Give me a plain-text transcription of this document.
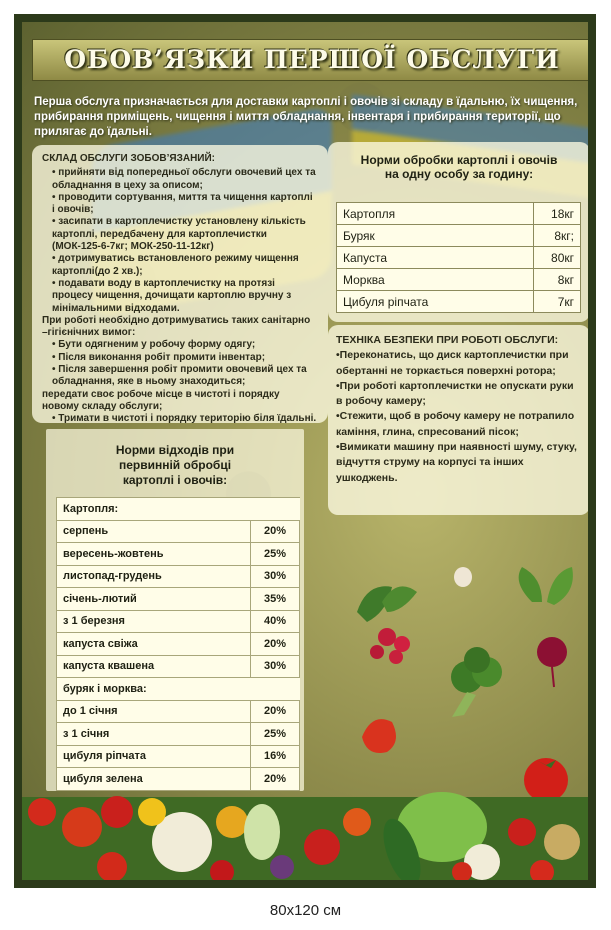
ОБОВ’ЯЗКИ ПЕРШОЇ ОБСЛУГИ
Перша обслуга призначається для доставки картоплі і овочів зі складу в їдальню, їх чищення, прибирання приміщень, чищення і миття обладнання, інвентаря і прибирання території, що прилягає до їдальні.
СКЛАД ОБСЛУГИ ЗОБОВ’ЯЗАНИЙ:
• прийняти від попередньої обслуги овочевий цех та обладнання в цеху за описом;
• проводити сортування, миття та чищення картоплі і овочів;
• засипати в картоплечистку установлену кількість картоплі, передбачену для картоплечистки (МОК-125-6-7кг; МОК-250-11-12кг)
• дотримуватись встановленого режиму чищення картоплі(до 2 хв.);
• подавати воду в картоплечистку на протязі процесу чищення, дочищати картоплю вручну з мінімальними відходами.
При роботі необхідно дотримуватись таких санітарно –гігієнічних вимог:
• Бути одягненим у робочу форму одягу;
• Після виконання робіт промити інвентар;
• Після завершення робіт промити овочевий цех та обладнання, яке в ньому знаходиться;
передати своє робоче місце в чистоті і порядку новому складу обслуги;
• Тримати в чистоті і порядку територію біля їдальні.
Норми обробки картоплі і овочів на одну особу за годину:
Картопля	18кг
Буряк	8кг;
Капуста	80кг
Морква	8кг
Цибуля ріпчата	7кг
ТЕХНІКА БЕЗПЕКИ ПРИ РОБОТІ ОБСЛУГИ:
•Переконатись, що диск картоплечистки при обертанні не торкається поверхні ротора;
•При роботі картоплечистки не опускати руки в робочу камеру;
•Стежити, щоб в робочу камеру не потрапило каміння, глина, спресований пісок;
•Вимикати машину при наявності шуму, стуку, відчуття струму на корпусі та інших ушкоджень.
Норми відходів при первинній обробці картоплі і овочів:
Картопля:	
серпень	20%
вересень-жовтень	25%
листопад-грудень	30%
січень-лютий	35%
з 1 березня	40%
капуста свіжа	20%
капуста квашена	30%
буряк і морква:	
до 1 січня	20%
з 1 січня	25%
цибуля ріпчата	16%
цибуля зелена	20%
80х120 см
